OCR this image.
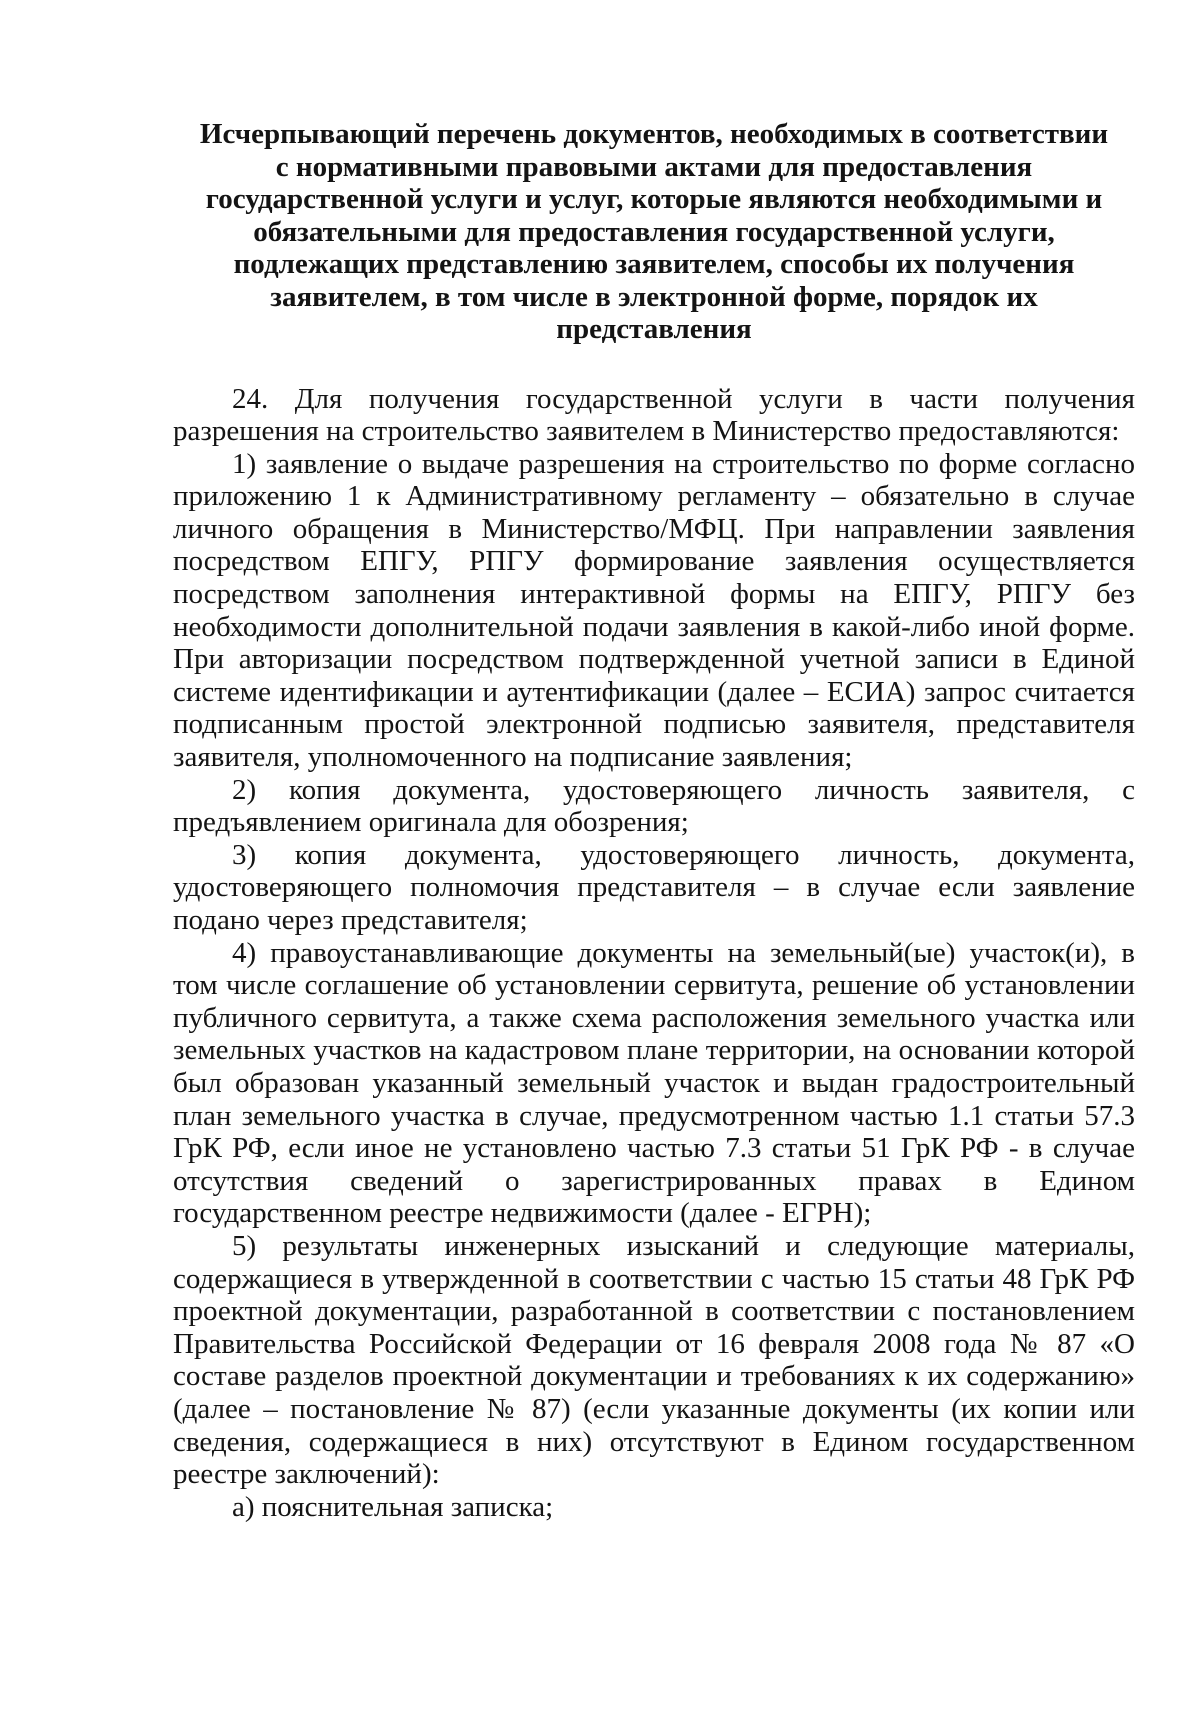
Исчерпывающий перечень документов, необходимых в соответствии
с нормативными правовыми актами для предоставления
государственной услуги и услуг, которые являются необходимыми и
обязательными для предоставления государственной услуги,
подлежащих представлению заявителем, способы их получения
заявителем, в том числе в электронной форме, порядок их
представления

24. Для получения государственной услуги в части получения разрешения на строительство заявителем в Министерство предоставляются:

1) заявление о выдаче разрешения на строительство по форме согласно приложению 1 к Административному регламенту – обязательно в случае личного обращения в Министерство/МФЦ. При направлении заявления посредством ЕПГУ, РПГУ формирование заявления осуществляется посредством заполнения интерактивной формы на ЕПГУ, РПГУ без необходимости дополнительной подачи заявления в какой-либо иной форме. При авторизации посредством подтвержденной учетной записи в Единой системе идентификации и аутентификации (далее – ЕСИА) запрос считается подписанным простой электронной подписью заявителя, представителя заявителя, уполномоченного на подписание заявления;

2) копия документа, удостоверяющего личность заявителя, с предъявлением оригинала для обозрения;

3) копия документа, удостоверяющего личность, документа, удостоверяющего полномочия представителя – в случае если заявление подано через представителя;

4) правоустанавливающие документы на земельный(ые) участок(и), в том числе соглашение об установлении сервитута, решение об установлении публичного сервитута, а также схема расположения земельного участка или земельных участков на кадастровом плане территории, на основании которой был образован указанный земельный участок и выдан градостроительный план земельного участка в случае, предусмотренном частью 1.1 статьи 57.3 ГрК РФ, если иное не установлено частью 7.3 статьи 51 ГрК РФ - в случае отсутствия сведений о зарегистрированных правах в Едином государственном реестре недвижимости (далее - ЕГРН);

5) результаты инженерных изысканий и следующие материалы, содержащиеся в утвержденной в соответствии с частью 15 статьи 48 ГрК РФ проектной документации, разработанной в соответствии с постановлением Правительства Российской Федерации от 16 февраля 2008 года № 87 «О составе разделов проектной документации и требованиях к их содержанию» (далее – постановление № 87) (если указанные документы (их копии или сведения, содержащиеся в них) отсутствуют в Едином государственном реестре заключений):

а) пояснительная записка;
